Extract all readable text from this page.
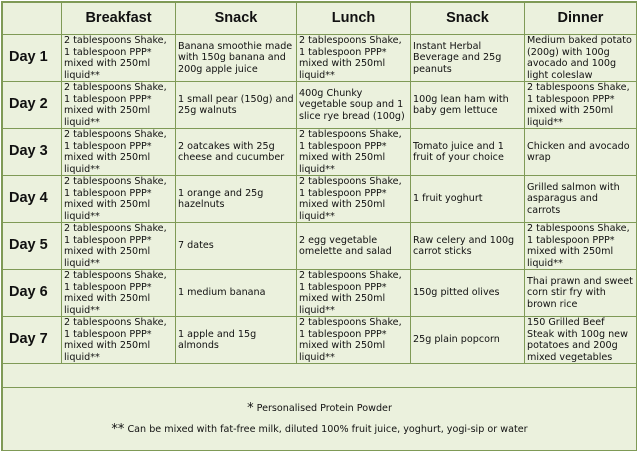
	Breakfast	Snack	Lunch	Snack	Dinner
Day 1	2 tablespoons Shake, 1 tablespoon PPP* mixed with 250ml liquid**	Banana smoothie made with 150g banana and 200g apple juice	2 tablespoons Shake, 1 tablespoon PPP* mixed with 250ml liquid**	Instant Herbal Beverage and 25g peanuts	Medium baked potato (200g) with 100g avocado and 100g light coleslaw
Day 2	2 tablespoons Shake, 1 tablespoon PPP* mixed with 250ml liquid**	1 small pear (150g) and 25g walnuts	400g Chunky vegetable soup and 1 slice rye bread (100g)	100g lean ham with baby gem lettuce	2 tablespoons Shake, 1 tablespoon PPP* mixed with 250ml liquid**
Day 3	2 tablespoons Shake, 1 tablespoon PPP* mixed with 250ml liquid**	2 oatcakes with 25g cheese and cucumber	2 tablespoons Shake, 1 tablespoon PPP* mixed with 250ml liquid**	Tomato juice and 1 fruit of your choice	Chicken and avocado wrap
Day 4	2 tablespoons Shake, 1 tablespoon PPP* mixed with 250ml liquid**	1 orange and 25g hazelnuts	2 tablespoons Shake, 1 tablespoon PPP* mixed with 250ml liquid**	1 fruit yoghurt	Grilled salmon with asparagus and carrots
Day 5	2 tablespoons Shake, 1 tablespoon PPP* mixed with 250ml liquid**	7 dates	2 egg vegetable omelette and salad	Raw celery and 100g carrot sticks	2 tablespoons Shake, 1 tablespoon PPP* mixed with 250ml liquid**
Day 6	2 tablespoons Shake, 1 tablespoon PPP* mixed with 250ml liquid**	1 medium banana	2 tablespoons Shake, 1 tablespoon PPP* mixed with 250ml liquid**	150g pitted olives	Thai prawn and sweet corn stir fry with brown rice
Day 7	2 tablespoons Shake, 1 tablespoon PPP* mixed with 250ml liquid**	1 apple and 15g almonds	2 tablespoons Shake, 1 tablespoon PPP* mixed with 250ml liquid**	25g plain popcorn	150 Grilled Beef Steak with 100g new potatoes and 200g mixed vegetables

* Personalised Protein Powder
** Can be mixed with fat-free milk, diluted 100% fruit juice, yoghurt, yogi-sip or water					
